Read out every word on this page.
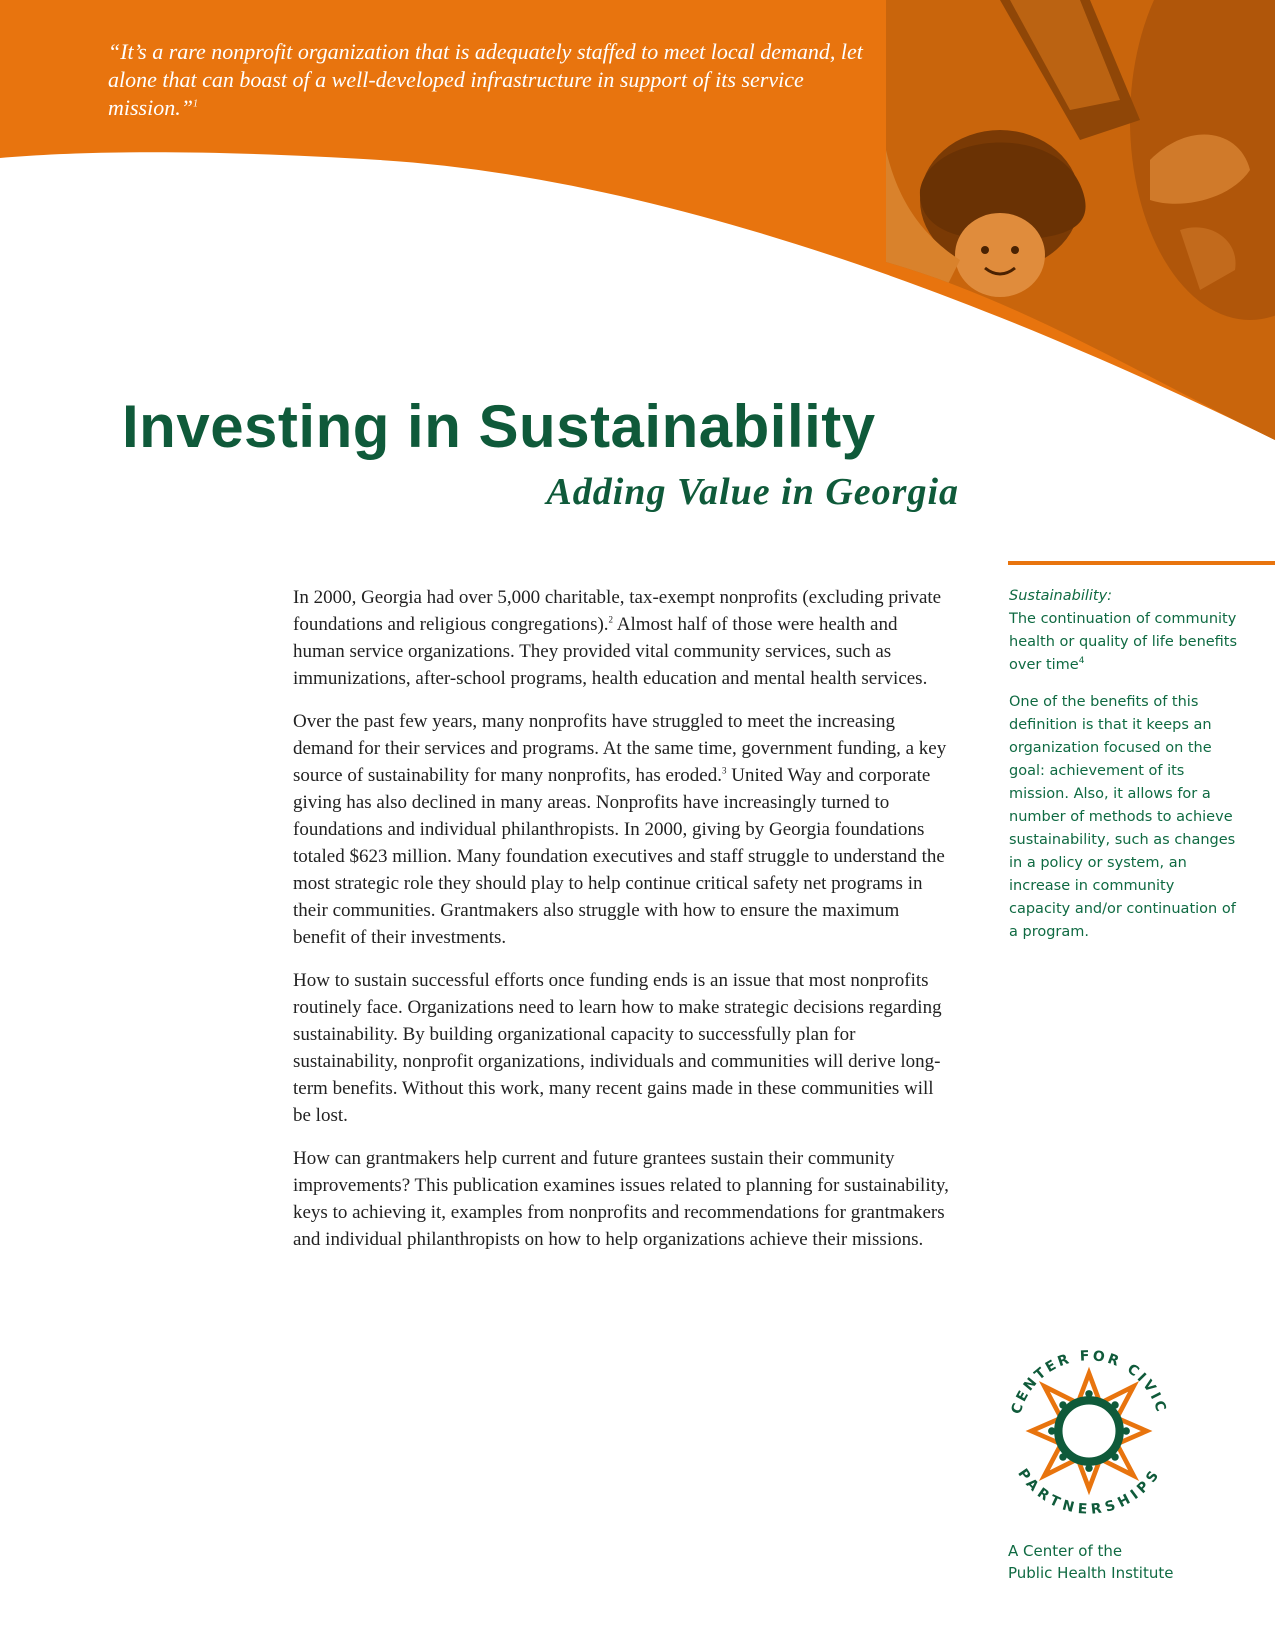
“It’s a rare nonprofit organization that is adequately staffed to meet local demand, let alone that can boast of a well-developed infrastructure in support of its service mission.”$^1$

Investing in Sustainability
Adding Value in Georgia

In 2000, Georgia had over 5,000 charitable, tax-exempt nonprofits (excluding private foundations and religious congregations).$^2$ Almost half of those were health and human service organizations. They provided vital community services, such as immunizations, after-school programs, health education and mental health services.

Over the past few years, many nonprofits have struggled to meet the increasing demand for their services and programs. At the same time, government funding, a key source of sustainability for many nonprofits, has eroded.$^3$ United Way and corporate giving has also declined in many areas. Nonprofits have increasingly turned to foundations and individual philanthropists. In 2000, giving by Georgia foundations totaled $623 million. Many foundation executives and staff struggle to understand the most strategic role they should play to help continue critical safety net programs in their communities. Grantmakers also struggle with how to ensure the maximum benefit of their investments.

How to sustain successful efforts once funding ends is an issue that most nonprofits routinely face. Organizations need to learn how to make strategic decisions regarding sustainability. By building organizational capacity to successfully plan for sustainability, nonprofit organizations, individuals and communities will derive long-term benefits. Without this work, many recent gains made in these communities will be lost.

How can grantmakers help current and future grantees sustain their community improvements? This publication examines issues related to planning for sustainability, keys to achieving it, examples from nonprofits and recommendations for grantmakers and individual philanthropists on how to help organizations achieve their missions.

Sustainability:

The continuation of community health or quality of life benefits over time$^4$

One of the benefits of this definition is that it keeps an organization focused on the goal: achievement of its mission. Also, it allows for a number of methods to achieve sustainability, such as changes in a policy or system, an increase in community capacity and/or continuation of a program.

CENTER FOR CIVIC
PARTNERSHIPS
A Center of the
Public Health Institute
